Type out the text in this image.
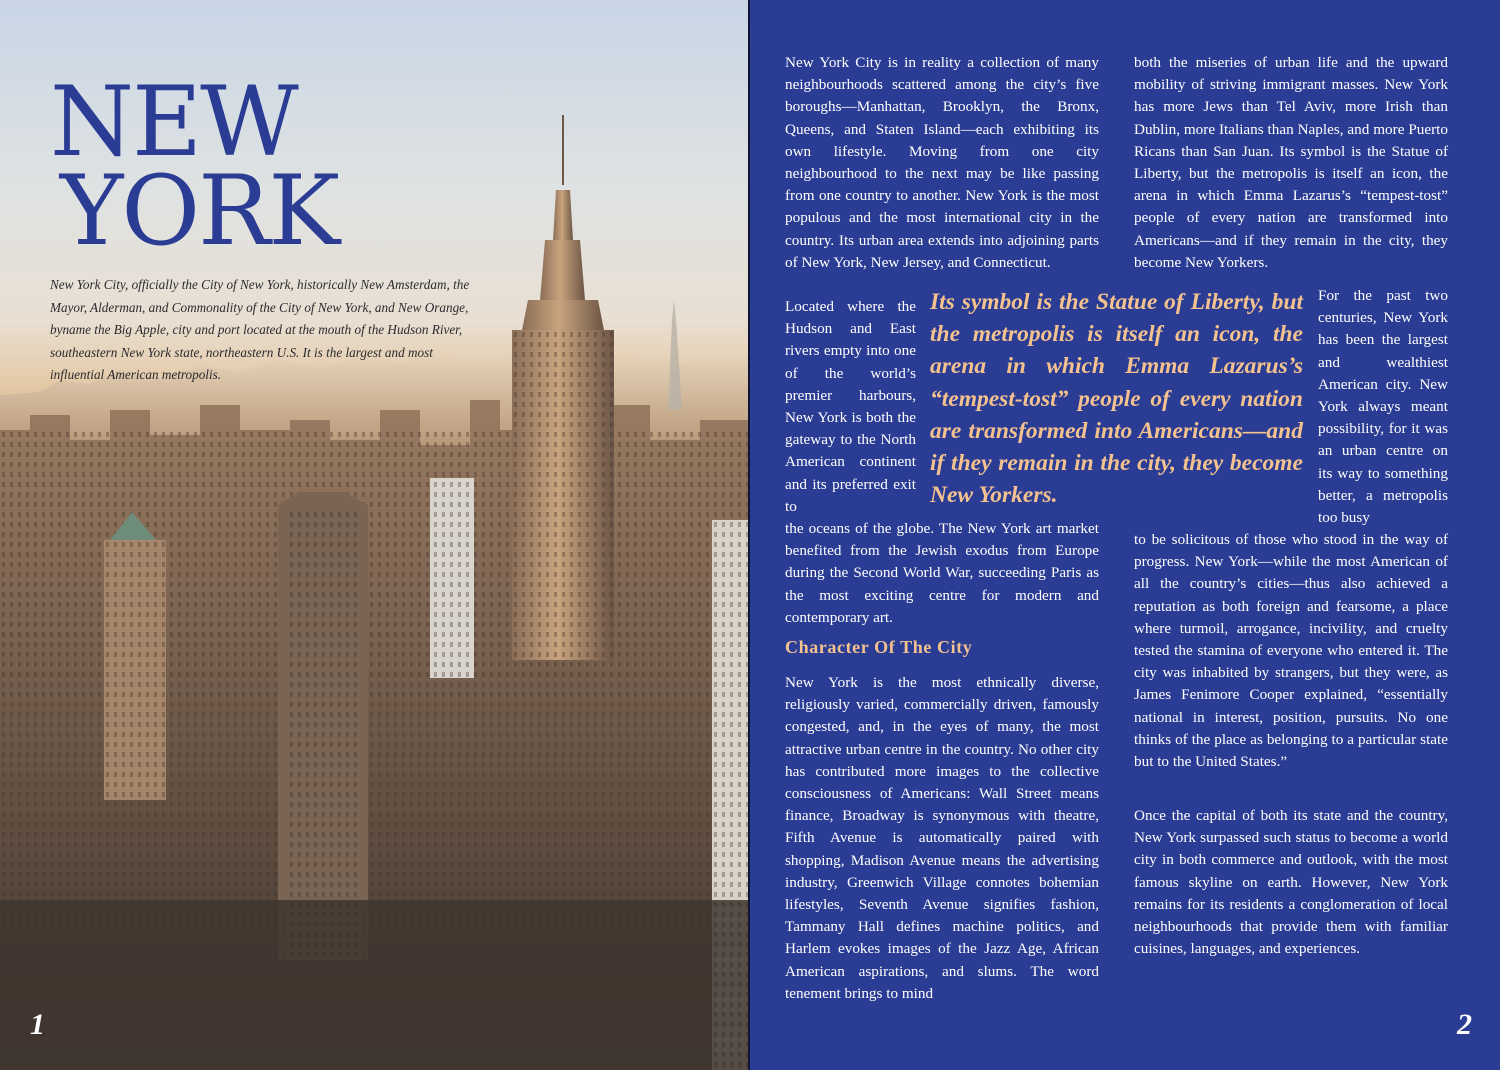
NEW
YORK

New York City, officially the City of New York, historically New Amsterdam, the Mayor, Alderman, and Commonality of the City of New York, and New Orange, byname the Big Apple, city and port located at the mouth of the Hudson River, southeastern New York state, northeastern U.S. It is the largest and most influential American metropolis.

1

New York City is in reality a collection of many neighbourhoods scattered among the city’s five boroughs—Manhattan, Brooklyn, the Bronx, Queens, and Staten Island—each exhibiting its own lifestyle. Moving from one city neighbourhood to the next may be like passing from one country to another. New York is the most populous and the most international city in the country. Its urban area extends into adjoining parts of New York, New Jersey, and Connecticut.

Located where the Hudson and East rivers empty into one of the world’s premier harbours, New York is both the gateway to the North American continent and its preferred exit to

the oceans of the globe. The New York art market benefited from the Jewish exodus from Europe during the Second World War, succeeding Paris as the most exciting centre for modern and contemporary art.

Character Of The City

New York is the most ethnically diverse, religiously varied, commercially driven, famously congested, and, in the eyes of many, the most attractive urban centre in the country. No other city has contributed more images to the collective consciousness of Americans: Wall Street means finance, Broadway is synonymous with theatre, Fifth Avenue is automatically paired with shopping, Madison Avenue means the advertising industry, Greenwich Village connotes bohemian lifestyles, Seventh Avenue signifies fashion, Tammany Hall defines machine politics, and Harlem evokes images of the Jazz Age, African American aspirations, and slums. The word tenement brings to mind

both the miseries of urban life and the upward mobility of striving immigrant masses. New York has more Jews than Tel Aviv, more Irish than Dublin, more Italians than Naples, and more Puerto Ricans than San Juan. Its symbol is the Statue of Liberty, but the metropolis is itself an icon, the arena in which Emma Lazarus’s “tempest-tost” people of every nation are transformed into Americans—and if they remain in the city, they become New Yorkers.

Its symbol is the Statue of Liberty, but the metropolis is itself an icon, the arena in which Emma Lazarus’s “tempest-tost” people of every nation are transformed into Americans—and if they remain in the city, they become New Yorkers.

For the past two centuries, New York has been the largest and wealthiest American city. New York always meant possibility, for it was an urban centre on its way to something better, a metropolis too busy

to be solicitous of those who stood in the way of progress. New York—while the most American of all the country’s cities—thus also achieved a reputation as both foreign and fearsome, a place where turmoil, arrogance, incivility, and cruelty tested the stamina of everyone who entered it. The city was inhabited by strangers, but they were, as James Fenimore Cooper explained, “essentially national in interest, position, pursuits. No one thinks of the place as belonging to a particular state but to the United States.”

Once the capital of both its state and the country, New York surpassed such status to become a world city in both commerce and outlook, with the most famous skyline on earth. However, New York remains for its residents a conglomeration of local neighbourhoods that provide them with familiar cuisines, languages, and experiences.

2
